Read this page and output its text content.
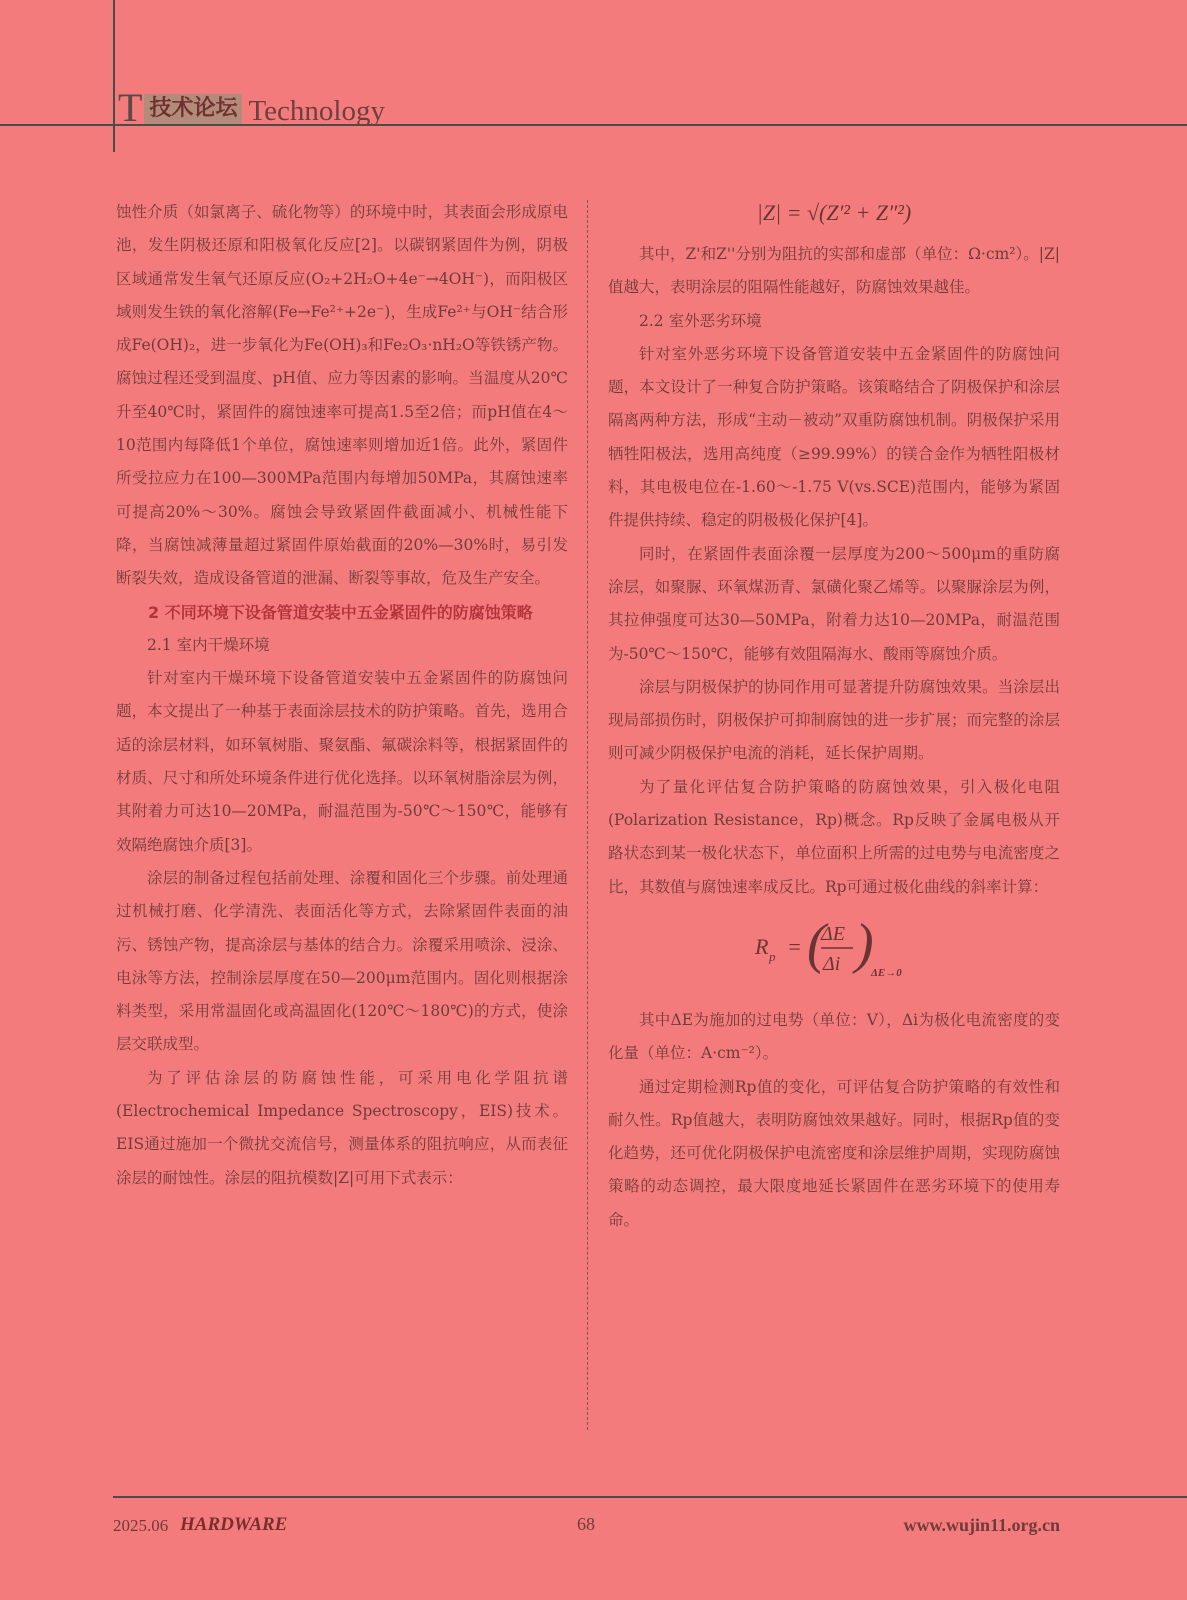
T 技术论坛 Technology

蚀性介质（如氯离子、硫化物等）的环境中时，其表面会形成原电池，发生阴极还原和阳极氧化反应[2]。以碳钢紧固件为例，阴极区域通常发生氧气还原反应(O₂+2H₂O+4e⁻→4OH⁻)，而阳极区域则发生铁的氧化溶解(Fe→Fe²⁺+2e⁻)，生成Fe²⁺与OH⁻结合形成Fe(OH)₂，进一步氧化为Fe(OH)₃和Fe₂O₃·nH₂O等铁锈产物。腐蚀过程还受到温度、pH值、应力等因素的影响。当温度从20℃升至40℃时，紧固件的腐蚀速率可提高1.5至2倍；而pH值在4～10范围内每降低1个单位，腐蚀速率则增加近1倍。此外，紧固件所受拉应力在100—300MPa范围内每增加50MPa，其腐蚀速率可提高20%～30%。腐蚀会导致紧固件截面减小、机械性能下降，当腐蚀减薄量超过紧固件原始截面的20%—30%时，易引发断裂失效，造成设备管道的泄漏、断裂等事故，危及生产安全。

2 不同环境下设备管道安装中五金紧固件的防腐蚀策略

2.1 室内干燥环境

针对室内干燥环境下设备管道安装中五金紧固件的防腐蚀问题，本文提出了一种基于表面涂层技术的防护策略。首先，选用合适的涂层材料，如环氧树脂、聚氨酯、氟碳涂料等，根据紧固件的材质、尺寸和所处环境条件进行优化选择。以环氧树脂涂层为例，其附着力可达10—20MPa，耐温范围为-50℃～150℃，能够有效隔绝腐蚀介质[3]。

涂层的制备过程包括前处理、涂覆和固化三个步骤。前处理通过机械打磨、化学清洗、表面活化等方式，去除紧固件表面的油污、锈蚀产物，提高涂层与基体的结合力。涂覆采用喷涂、浸涂、电泳等方法，控制涂层厚度在50—200μm范围内。固化则根据涂料类型，采用常温固化或高温固化(120℃～180℃)的方式，使涂层交联成型。

为了评估涂层的防腐蚀性能，可采用电化学阻抗谱(Electrochemical Impedance Spectroscopy，EIS)技术。EIS通过施加一个微扰交流信号，测量体系的阻抗响应，从而表征涂层的耐蚀性。涂层的阻抗模数|Z|可用下式表示：

|Z| = √(Z′² + Z″²)

其中，Z'和Z''分别为阻抗的实部和虚部（单位：Ω·cm²）。|Z|值越大，表明涂层的阻隔性能越好，防腐蚀效果越佳。

2.2 室外恶劣环境

针对室外恶劣环境下设备管道安装中五金紧固件的防腐蚀问题，本文设计了一种复合防护策略。该策略结合了阴极保护和涂层隔离两种方法，形成“主动－被动”双重防腐蚀机制。阴极保护采用牺牲阳极法，选用高纯度（≥99.99%）的镁合金作为牺牲阳极材料，其电极电位在-1.60～-1.75 V(vs.SCE)范围内，能够为紧固件提供持续、稳定的阴极极化保护[4]。

同时，在紧固件表面涂覆一层厚度为200～500μm的重防腐涂层，如聚脲、环氧煤沥青、氯磺化聚乙烯等。以聚脲涂层为例，其拉伸强度可达30—50MPa，附着力达10—20MPa，耐温范围为-50℃～150℃，能够有效阻隔海水、酸雨等腐蚀介质。

涂层与阴极保护的协同作用可显著提升防腐蚀效果。当涂层出现局部损伤时，阴极保护可抑制腐蚀的进一步扩展；而完整的涂层则可减少阴极保护电流的消耗，延长保护周期。

为了量化评估复合防护策略的防腐蚀效果，引入极化电阻(Polarization Resistance，Rp)概念。Rp反映了金属电极从开路状态到某一极化状态下，单位面积上所需的过电势与电流密度之比，其数值与腐蚀速率成反比。Rp可通过极化曲线的斜率计算：

R p = (
ΔE
Δi )
ΔE→0

其中ΔE为施加的过电势（单位：V），Δi为极化电流密度的变化量（单位：A·cm⁻²）。

通过定期检测Rp值的变化，可评估复合防护策略的有效性和耐久性。Rp值越大，表明防腐蚀效果越好。同时，根据Rp值的变化趋势，还可优化阴极保护电流密度和涂层维护周期，实现防腐蚀策略的动态调控，最大限度地延长紧固件在恶劣环境下的使用寿命。

2025.06 HARDWARE	68	www.wujin11.org.cn
